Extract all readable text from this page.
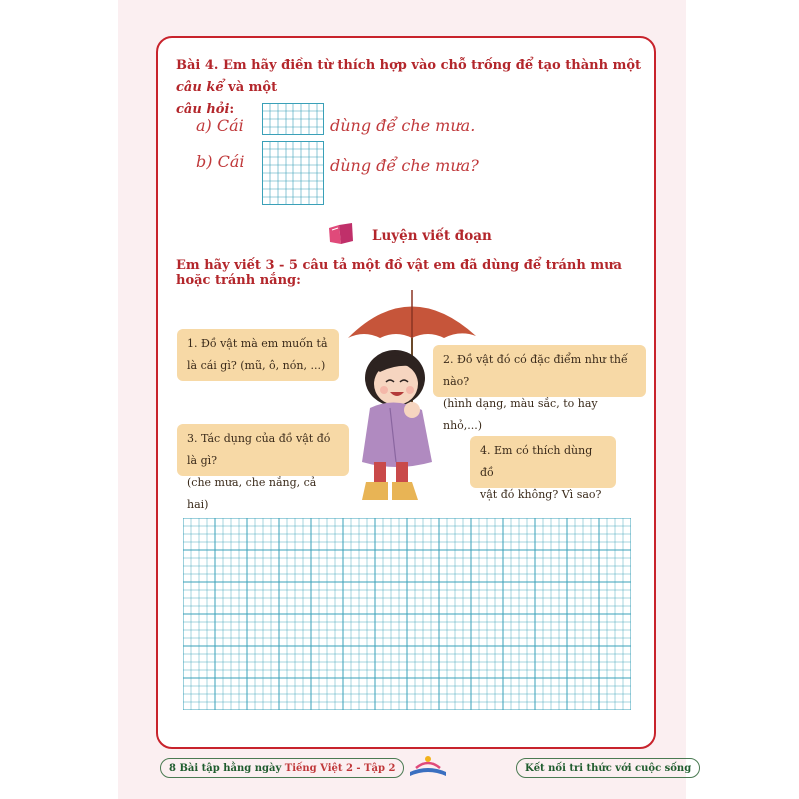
Bài 4. Em hãy điền từ thích hợp vào chỗ trống để tạo thành một câu kể và một
câu hỏi:
a) Cái	dùng để che mưa.
b) Cái	dùng để che mưa?
Luyện viết đoạn
Em hãy viết 3 - 5 câu tả một đồ vật em đã dùng để tránh mưa hoặc tránh nắng:
1. Đồ vật mà em muốn tả
là cái gì? (mũ, ô, nón, ...)	2. Đồ vật đó có đặc điểm như thế nào?
(hình dạng, màu sắc, to hay nhỏ,...)
3. Tác dụng của đồ vật đó là gì?
(che mưa, che nắng, cả hai)
4. Em có thích dùng đồ
vật đó không? Vì sao?
8 Bài tập hằng ngày Tiếng Việt 2 - Tập 2	Kết nối tri thức với cuộc sống
